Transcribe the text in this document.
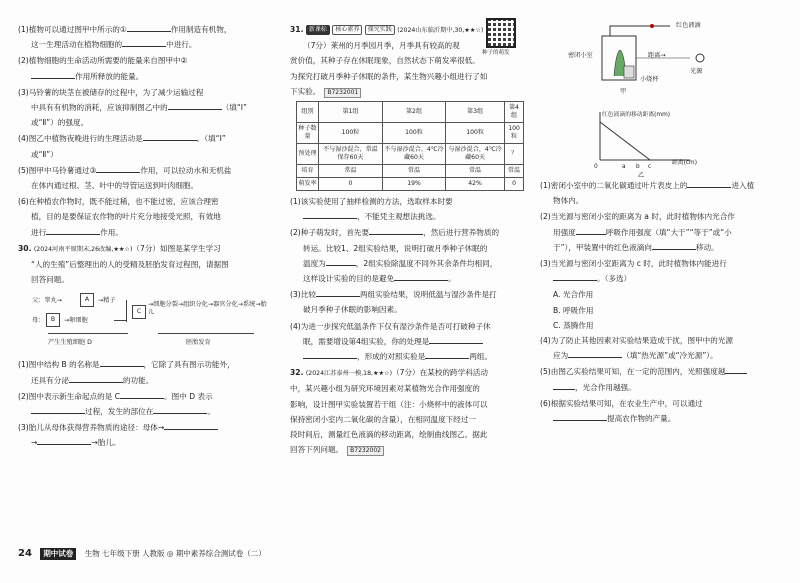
(1)植物可以通过图甲中所示的①	作用制造有机物，
这一生理活动在植物细胞的	中进行。
(2)植物细胞的生命活动所需要的能量来自图甲中②
作用所释放的能量。
(3)马铃薯的块茎在被储存的过程中，为了减少运输过程
中具有有机物的消耗，应该抑制图乙中的	（填“Ⅰ”
或“Ⅱ”）的强度。
(4)图乙中植物夜晚进行的生理活动是	。（填“Ⅰ”
或“Ⅱ”）
(5)图甲中马铃薯通过③	作用，可以拉动水和无机盐
在体内通过根、茎、叶中的导管运送到叶肉细胞。
(6)在种植农作物时，既不能过稀，也不能过密，应该合理密
植，目的是要保证农作物的叶片充分地接受光照，有效地
进行	作用。
30. (2024河南平原期末,26改编,★★☆)（7分）如图是某学生学习
“人的生殖”后整理出的人的受精及胚胎发育过程图，请据图
回答问题。
父：睾丸→	A	→精子
C
→细胞分裂→组织分化→器官分化→系统→胎儿
母：	B	→卵细胞
产生生殖细胞 D	胚胎发育
(1)图中结构 B 的名称是	，它除了具有图示功能外，
还具有分泌	的功能。
(2)图中表示新生命起点的是 C	。图中 D 表示
过程，发生的部位在	。
(3)胎儿从母体获得营养物质的途径：母体→
→	→胎儿。
31. 新课标 核心素养 探究实践 (2024山东临沂期中,30,★★☆)
种子的萌发

（7分）莱州的月季园月季，月季具有较高的观
赏价值，其种子存在休眠现象，自然状态下萌发率很低。
为探究打破月季种子休眠的条件，某生物兴趣小组进行了如
下实验。 B7232001
组别	第1组	第2组	第3组	第4组
种子数量	100粒	100粒	100粒	100粒
预处理	不与湿沙混合，常温保存60天	不与湿沙混合，4℃冷藏60天	与湿沙混合，4℃冷藏60天	？
培育	常温	常温	常温	常温
萌发率	0	19%	42%	0
(1)该实验使用了抽样检测的方法，选取样本时要
，不能凭主观想法挑选。
(2)种子萌发时，首先要	，然后进行营养物质的
转运。比较1、2组实验结果，说明打破月季种子休眠的
温度为	，2组实验除温度不同外其余条件均相同，
这样设计实验的目的是避免	。
(3)比较	两组实验结果，说明低温与湿沙条件是打
破月季种子休眠的影响因素。
(4)为进一步探究低温条件下仅有湿沙条件是否可打破种子休
眠，需要增设第4组实验，你的处理是
，形成的对照实验是	两组。
32. (2024江苏泰州一模,18,★★☆)（7分）在某校的跨学科活动
中，某兴趣小组为研究环境因素对某植物光合作用强度的
影响，设计图甲实验装置若干组（注：小烧杯中的液体可以
保持密闭小室内二氧化碳的含量），在相同温度下经过一
段时间后，测量红色液滴的移动距离，绘制曲线图乙。据此
回答下列问题。 B7232002
红色液滴
密闭小室	距离→
光源
小烧杯
甲
红色液滴的移动距离(mm)
0	a b c
距离(cm)
乙
(1)密闭小室中的二氧化碳通过叶片表皮上的	进入植
物体内。
(2)当光源与密闭小室的距离为 a 时，此时植物体内光合作
用强度	呼吸作用强度（填“大于”“等于”或“小
于”），甲装置中的红色液滴向	移动。
(3)当光源与密闭小室距离为 c 时，此时植物体内能进行
。（多选）
A. 光合作用
B. 呼吸作用
C. 蒸腾作用
(4)为了防止其他因素对实验结果造成干扰，图甲中的光源
应为	（填“热光源”或“冷光源”）。
(5)由图乙实验结果可知，在一定的范围内，光照强度越
，光合作用越强。
(6)根据实验结果可知，在农业生产中，可以通过
提高农作物的产量。
24 期中试卷 生物 七年级下册 人教版 ◎ 期中素养综合测试卷（二）
